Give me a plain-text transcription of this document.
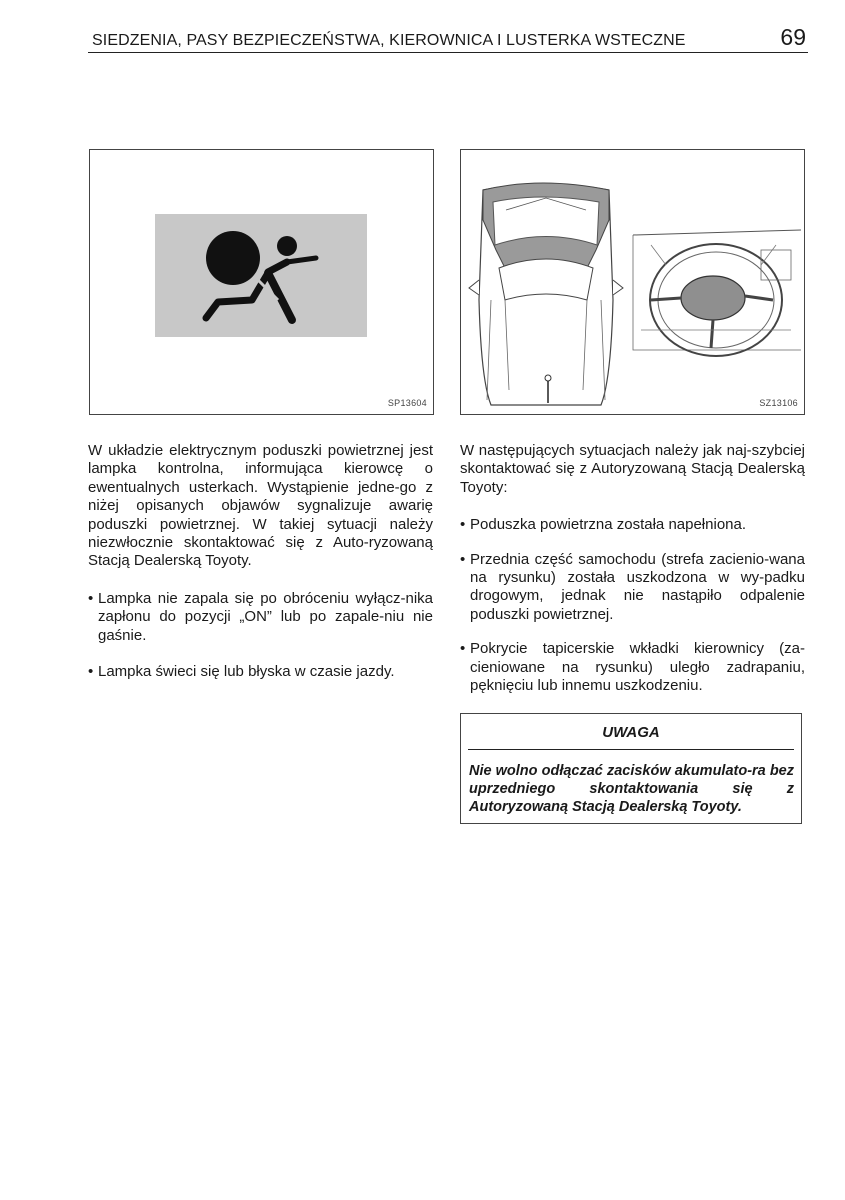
SIEDZENIA, PASY BEZPIECZEŃSTWA, KIEROWNICA I LUSTERKA WSTECZNE	69
SP13604	SZ13106

W układzie elektrycznym poduszki powietrznej jest lampka kontrolna, informująca kierowcę o ewentualnych usterkach. Wystąpienie jedne-go z niżej opisanych objawów sygnalizuje awarię poduszki powietrznej. W takiej sytuacji należy niezwłocznie skontaktować się z Auto-ryzowaną Stacją Dealerską Toyoty.

• Lampka nie zapala się po obróceniu wyłącz-nika zapłonu do pozycji „ON” lub po zapale-niu nie gaśnie.
• Lampka świeci się lub błyska w czasie jazdy.

W następujących sytuacjach należy jak naj-szybciej skontaktować się z Autoryzowaną Stacją Dealerską Toyoty:

• Poduszka powietrzna została napełniona.
• Przednia część samochodu (strefa zacienio-wana na rysunku) została uszkodzona w wy-padku drogowym, jednak nie nastąpiło odpalenie poduszki powietrznej.
• Pokrycie tapicerskie wkładki kierownicy (za-cieniowane na rysunku) uległo zadrapaniu, pęknięciu lub innemu uszkodzeniu.
UWAGA
Nie wolno odłączać zacisków akumulato-ra bez uprzedniego skontaktowania się z Autoryzowaną Stacją Dealerską Toyoty.
